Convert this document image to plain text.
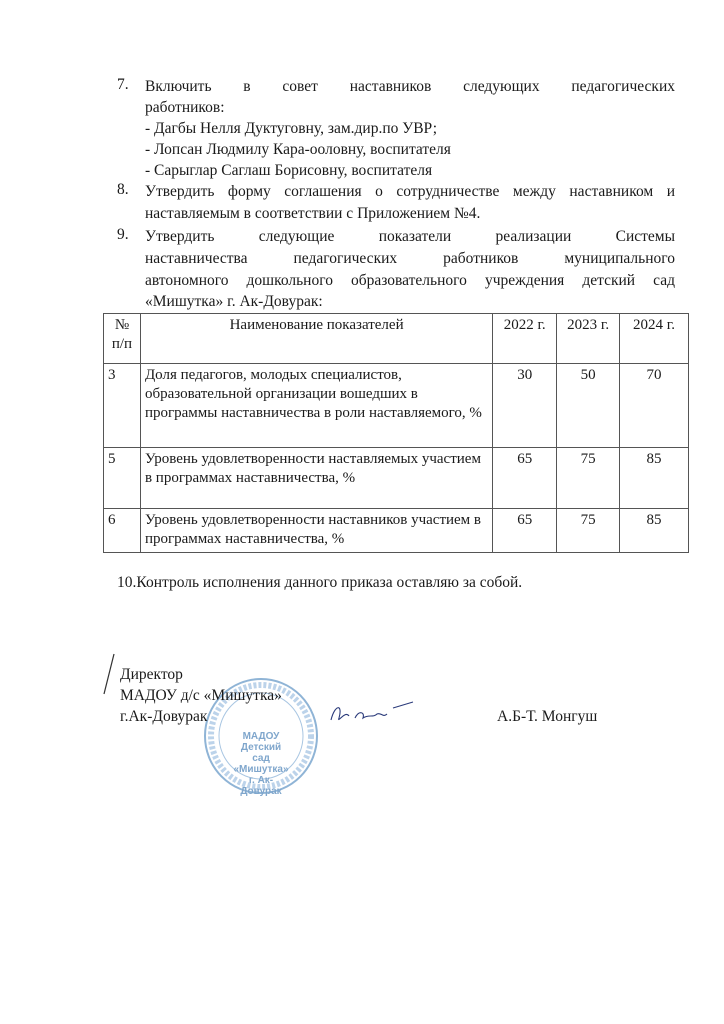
7. Включить в совет наставников следующих педагогических
работников:
- Дагбы Нелля Дуктуговну, зам.дир.по УВР;
- Лопсан Людмилу Кара-ооловну, воспитателя
- Сарыглар Саглаш Борисовну, воспитателя
8. Утвердить форму соглашения о сотрудничестве между наставником и
наставляемым в соответствии с Приложением №4.
9. Утвердить следующие показатели реализации Системы
наставничества педагогических работников муниципального
автономного дошкольного образовательного учреждения детский сад
«Мишутка» г. Ак-Довурак:
№ п/п	Наименование показателей	2022 г.	2023 г.	2024 г.
3	Доля педагогов, молодых специалистов, образовательной организации вошедших в программы наставничества в роли наставляемого, %	30	50	70
5	Уровень удовлетворенности наставляемых участием в программах наставничества, %	65	75	85
6	Уровень удовлетворенности наставников участием в программах наставничества, %	65	75	85
10.Контроль исполнения данного приказа оставляю за собой.
МАДОУ Детский сад «Мишутка» г. Ак-Довурак
Директор
МАДОУ д/с «Мишутка»
г.Ак-Довурак	А.Б-Т. Монгуш
